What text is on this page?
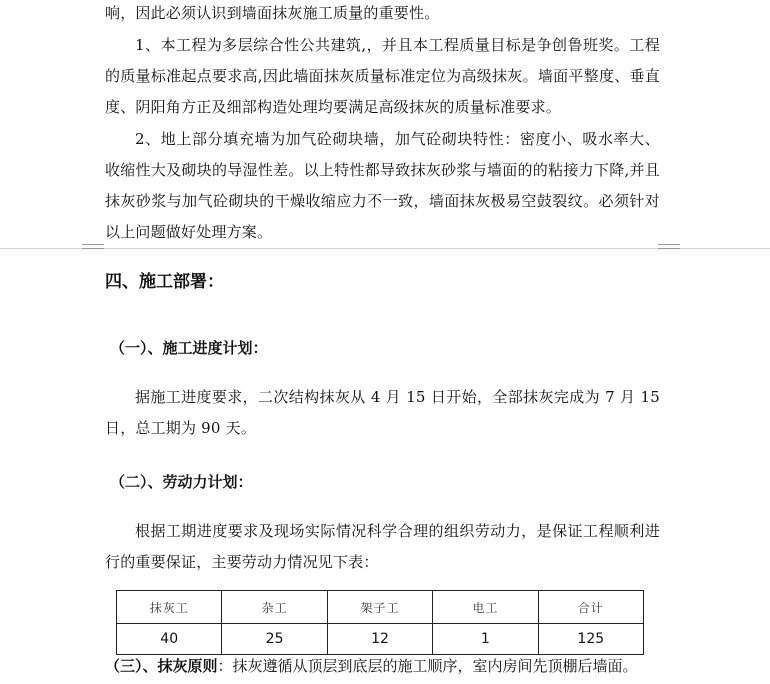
响，因此必须认识到墙面抹灰施工质量的重要性。

1、本工程为多层综合性公共建筑,，并且本工程质量目标是争创鲁班奖。工程的质量标准起点要求高,因此墙面抹灰质量标准定位为高级抹灰。墙面平整度、垂直度、阴阳角方正及细部构造处理均要满足高级抹灰的质量标准要求。

2、地上部分填充墙为加气砼砌块墙，加气砼砌块特性：密度小、吸水率大、收缩性大及砌块的导湿性差。以上特性都导致抹灰砂浆与墙面的的粘接力下降,并且抹灰砂浆与加气砼砌块的干燥收缩应力不一致，墙面抹灰极易空鼓裂纹。必须针对以上问题做好处理方案。

四、施工部署：
（一）、施工进度计划：

据施工进度要求，二次结构抹灰从 4 月 15 日开始，全部抹灰完成为 7 月 15 日，总工期为 90 天。

（二）、劳动力计划：

根据工期进度要求及现场实际情况科学合理的组织劳动力，是保证工程顺利进行的重要保证，主要劳动力情况见下表：

抹灰工	杂工	架子工	电工	合计
40	25	12	1	125

（三）、抹灰原则：抹灰遵循从顶层到底层的施工顺序，室内房间先顶棚后墙面。
